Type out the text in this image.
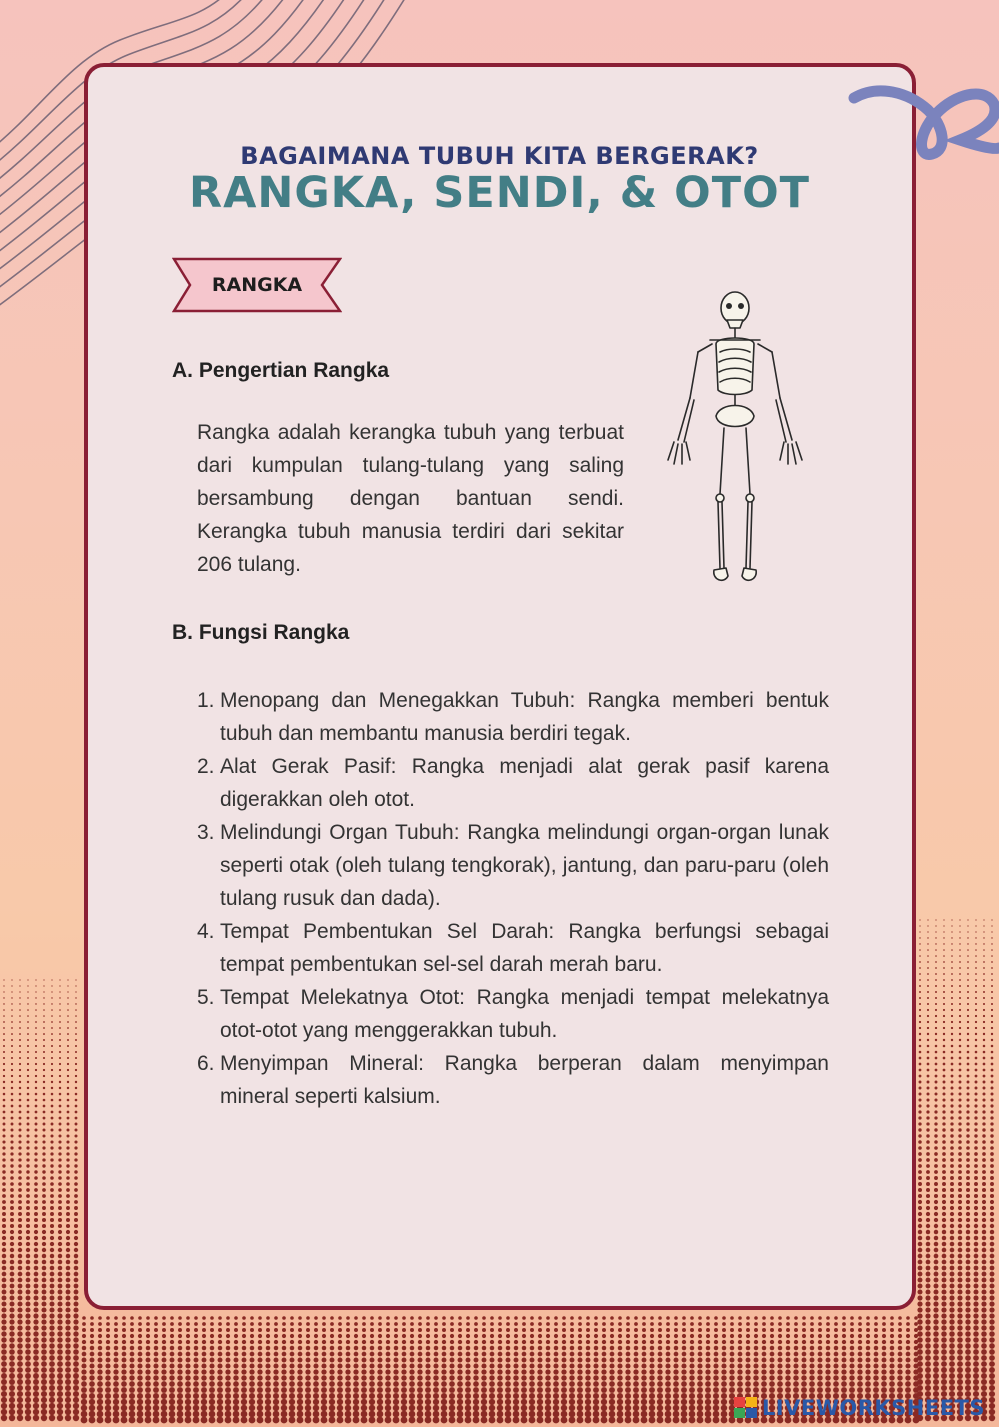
BAGAIMANA TUBUH KITA BERGERAK?
RANGKA, SENDI, & OTOT
RANGKA
A. Pengertian Rangka

Rangka adalah kerangka tubuh yang terbuat dari kumpulan tulang-tulang yang saling bersambung dengan bantuan sendi. Kerangka tubuh manusia terdiri dari sekitar 206 tulang.

B. Fungsi Rangka
1. Menopang dan Menegakkan Tubuh: Rangka memberi bentuk tubuh dan membantu manusia berdiri tegak.
2. Alat Gerak Pasif: Rangka menjadi alat gerak pasif karena digerakkan oleh otot.
3. Melindungi Organ Tubuh: Rangka melindungi organ-organ lunak seperti otak (oleh tulang tengkorak), jantung, dan paru-paru (oleh tulang rusuk dan dada).
4. Tempat Pembentukan Sel Darah: Rangka berfungsi sebagai tempat pembentukan sel-sel darah merah baru.
5. Tempat Melekatnya Otot: Rangka menjadi tempat melekatnya otot-otot yang menggerakkan tubuh.
6. Menyimpan Mineral: Rangka berperan dalam menyimpan mineral seperti kalsium.
LIVEWORKSHEETS
